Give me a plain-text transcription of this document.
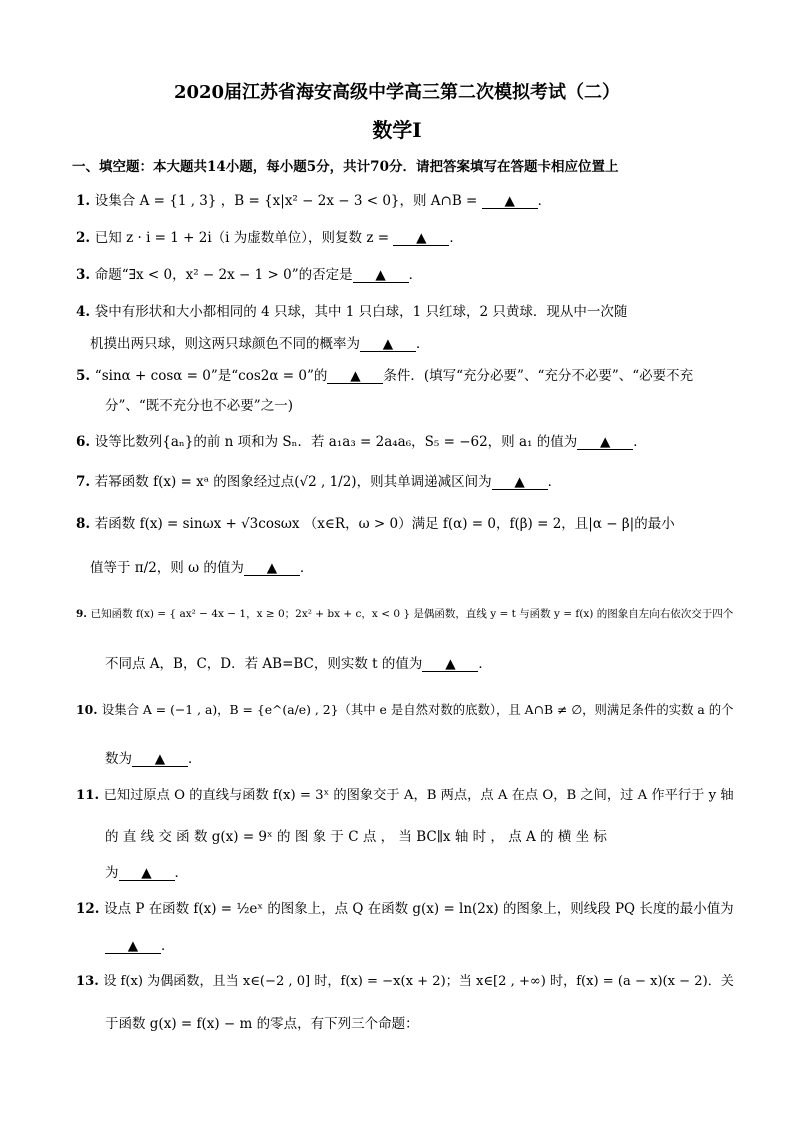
2020届江苏省海安高级中学高三第二次模拟考试（二）
数学Ⅰ
一、填空题：本大题共14小题，每小题5分，共计70分．请把答案填写在答题卡相应位置上
1. 设集合 A = {1 , 3} ，B = {x|x² − 2x − 3 < 0}，则 A∩B = ▲ ．
2. 已知 z · i = 1 + 2i（i 为虚数单位），则复数 z = ▲ ．
3. 命题“∃x < 0，x² − 2x − 1 > 0”的否定是 ▲ ．
4. 袋中有形状和大小都相同的 4 只球，其中 1 只白球，1 只红球，2 只黄球．现从中一次随
机摸出两只球，则这两只球颜色不同的概率为 ▲ ．
5. “sinα + cosα = 0”是“cos2α = 0”的 ▲ 条件．(填写“充分必要”、“充分不必要”、“必要不充
分”、“既不充分也不必要”之一)
6. 设等比数列{aₙ}的前 n 项和为 Sₙ．若 a₁a₃ = 2a₄a₆，S₅ = −62，则 a₁ 的值为 ▲ ．
7. 若幂函数 f(x) = xᵃ 的图象经过点(√2 , 1/2)，则其单调递减区间为 ▲ ．
8. 若函数 f(x) = sinωx + √3cosωx （x∈R，ω > 0）满足 f(α) = 0，f(β) = 2，且|α − β|的最小
值等于 π/2，则 ω 的值为 ▲ ．
9. 已知函数 f(x) = { ax² − 4x − 1，x ≥ 0；2x² + bx + c，x < 0 } 是偶函数，直线 y = t 与函数 y = f(x) 的图象自左向右依次交于四个
不同点 A，B，C，D．若 AB=BC，则实数 t 的值为 ▲ ．
10. 设集合 A = (−1 , a)，B = {e^(a/e) , 2}（其中 e 是自然对数的底数），且 A∩B ≠ ∅，则满足条件的实数 a 的个
数为 ▲ ．
11. 已知过原点 O 的直线与函数 f(x) = 3ˣ 的图象交于 A，B 两点，点 A 在点 O，B 之间，过 A 作平行于 y 轴
的 直 线 交 函 数 g(x) = 9ˣ 的 图 象 于 C 点 ， 当 BC∥x 轴 时 ， 点 A 的 横 坐 标
为 ▲ ．
12. 设点 P 在函数 f(x) = ½eˣ 的图象上，点 Q 在函数 g(x) = ln(2x) 的图象上，则线段 PQ 长度的最小值为
▲ ．
13. 设 f(x) 为偶函数，且当 x∈(−2 , 0] 时，f(x) = −x(x + 2)；当 x∈[2 , +∞) 时，f(x) = (a − x)(x − 2)．关
于函数 g(x) = f(x) − m 的零点，有下列三个命题：
